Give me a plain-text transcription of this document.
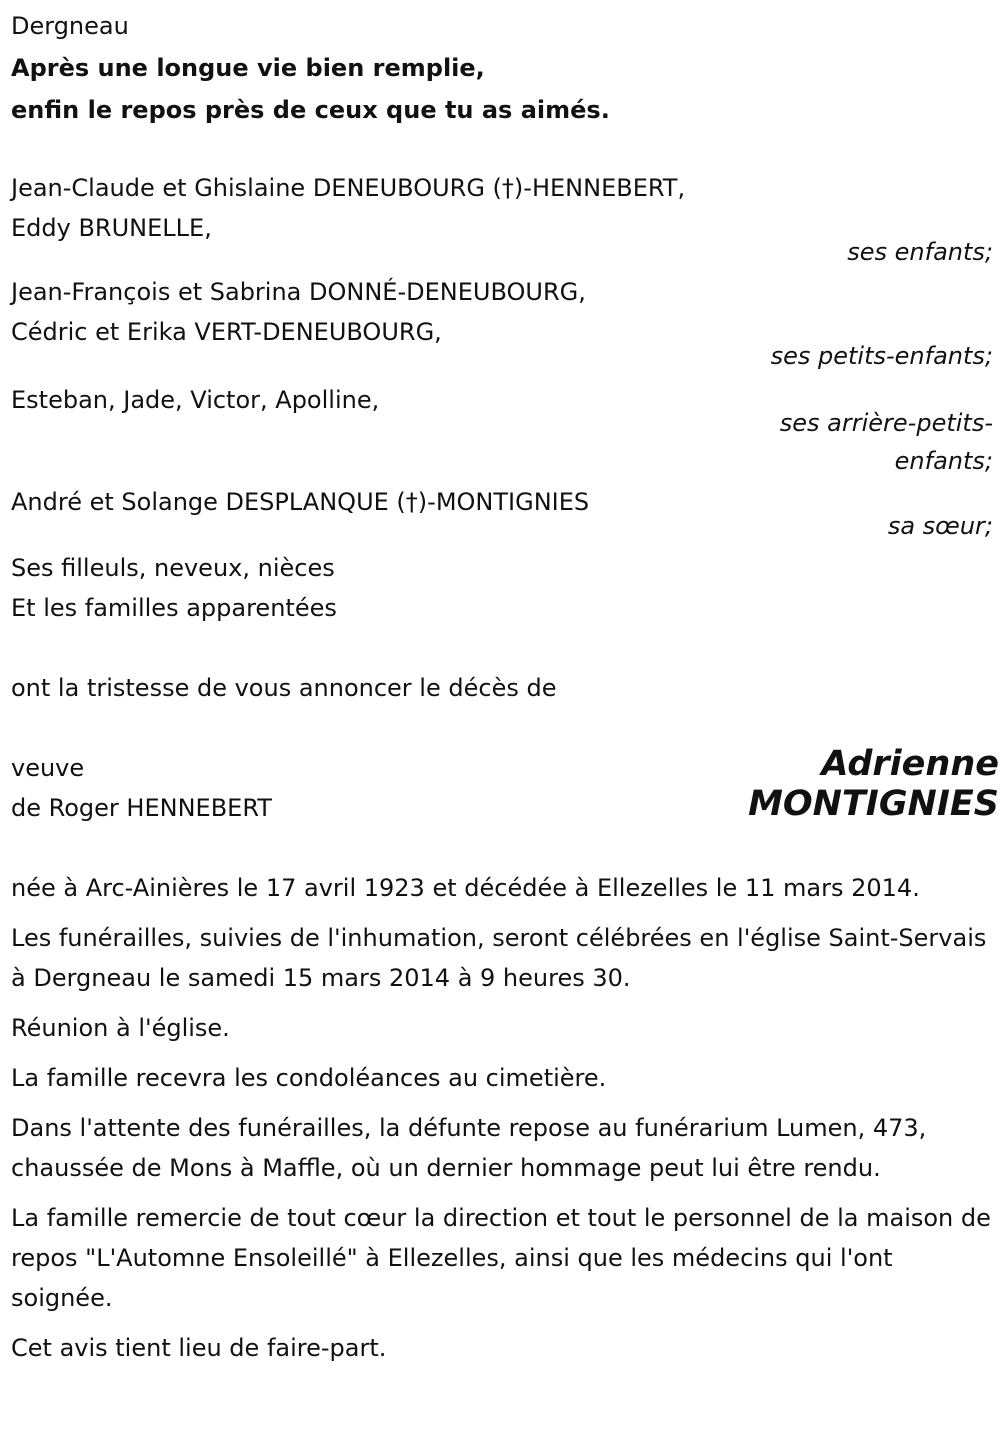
Dergneau
Après une longue vie bien remplie,
enfin le repos près de ceux que tu as aimés.
Jean-Claude et Ghislaine DENEUBOURG (†)-HENNEBERT,
Eddy BRUNELLE,
ses enfants;
Jean-François et Sabrina DONNÉ-DENEUBOURG,
Cédric et Erika VERT-DENEUBOURG,
ses petits-enfants;
Esteban, Jade, Victor, Apolline,
ses arrière-petits-enfants;
André et Solange DESPLANQUE (†)-MONTIGNIES
sa sœur;
Ses filleuls, neveux, nièces
Et les familles apparentées
ont la tristesse de vous annoncer le décès de
veuve
de Roger HENNEBERT
Adrienne
MONTIGNIES
née à Arc-Ainières le 17 avril 1923 et décédée à Ellezelles le 11 mars 2014.
Les funérailles, suivies de l'inhumation, seront célébrées en l'église Saint-Servais à Dergneau le samedi 15 mars 2014 à 9 heures 30.
Réunion à l'église.
La famille recevra les condoléances au cimetière.
Dans l'attente des funérailles, la défunte repose au funérarium Lumen, 473, chaussée de Mons à Maffle, où un dernier hommage peut lui être rendu.
La famille remercie de tout cœur la direction et tout le personnel de la maison de repos "L'Automne Ensoleillé" à Ellezelles, ainsi que les médecins qui l'ont soignée.
Cet avis tient lieu de faire-part.
